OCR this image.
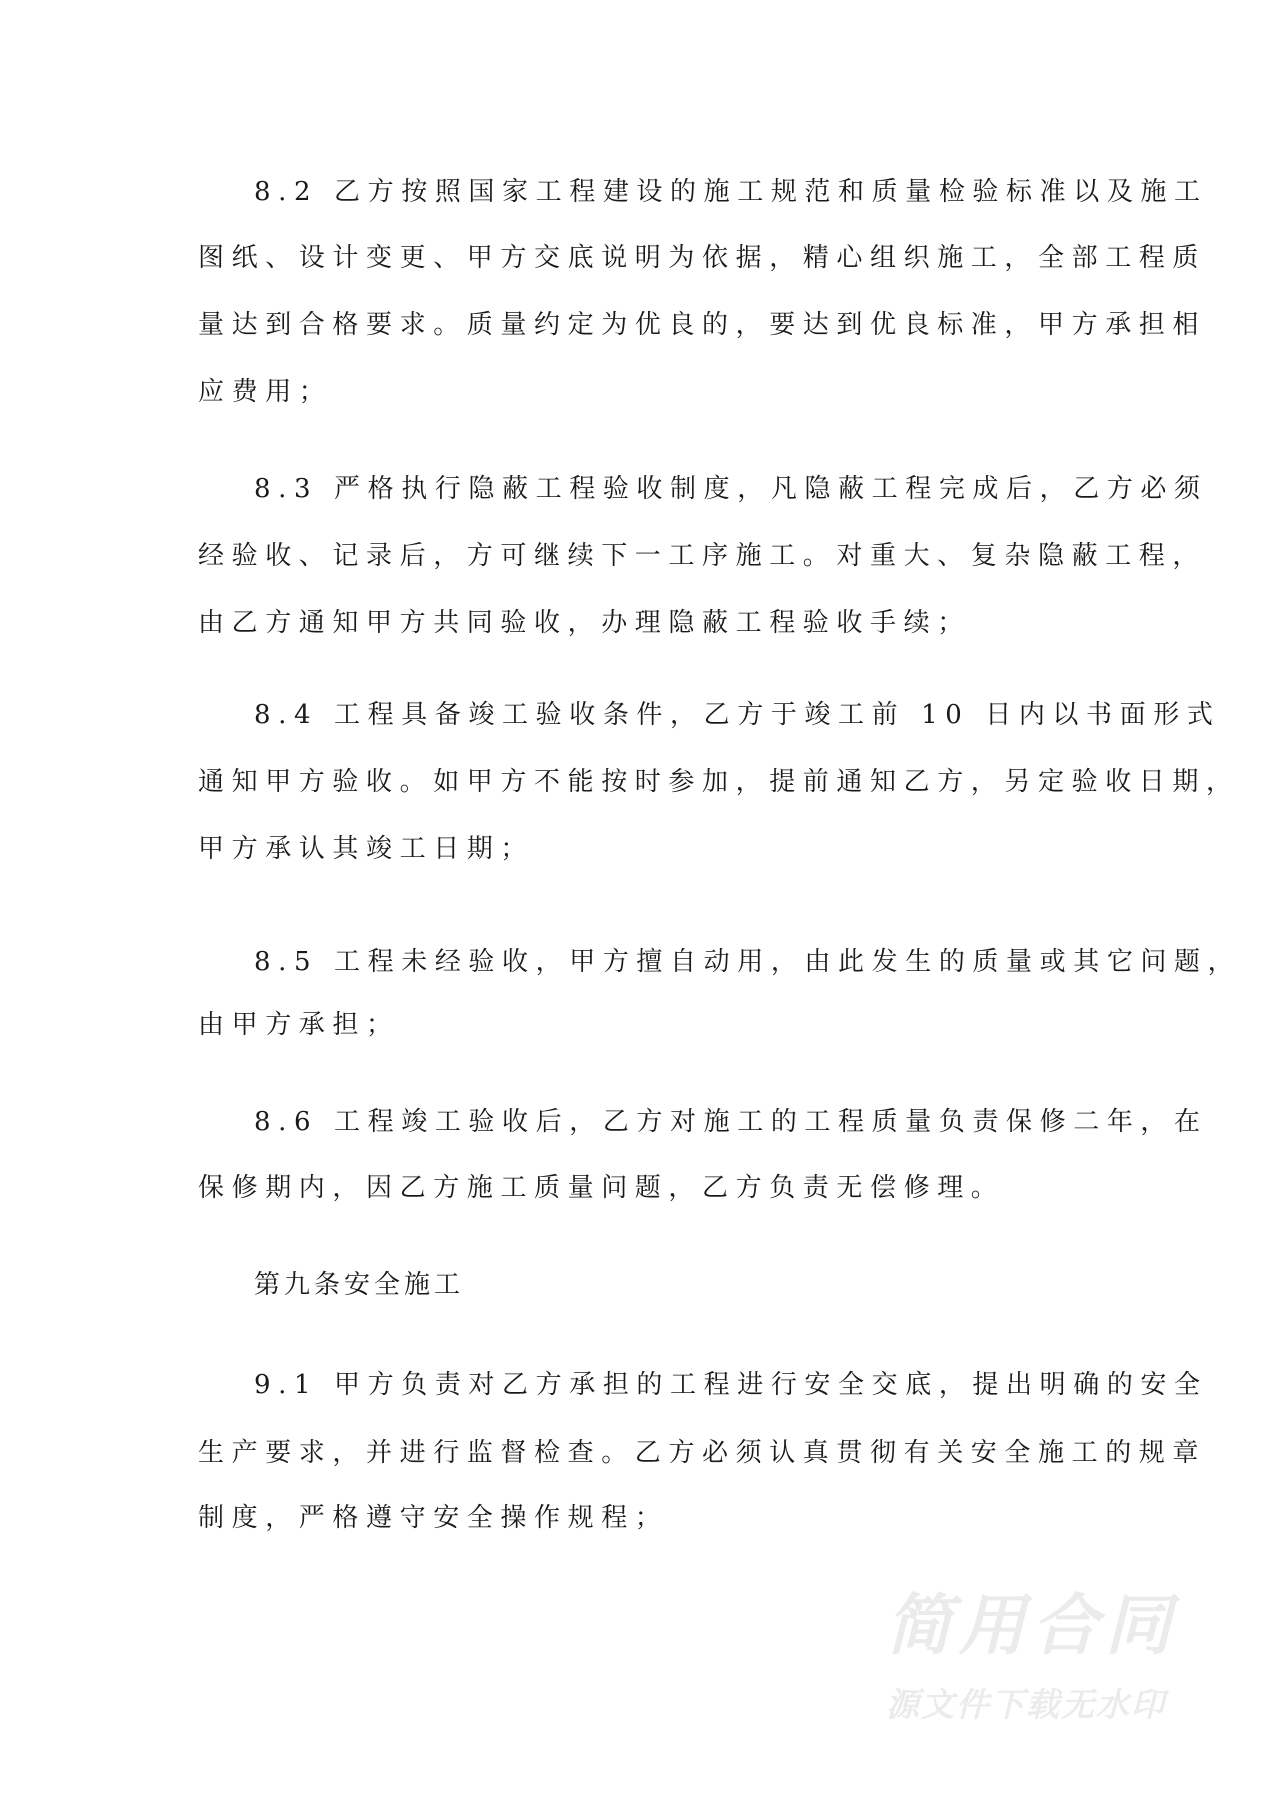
8.2 乙方按照国家工程建设的施工规范和质量检验标准以及施工
图纸、设计变更、甲方交底说明为依据，精心组织施工，全部工程质
量达到合格要求。质量约定为优良的，要达到优良标准，甲方承担相
应费用；
8.3 严格执行隐蔽工程验收制度，凡隐蔽工程完成后，乙方必须
经验收、记录后，方可继续下一工序施工。对重大、复杂隐蔽工程，
由乙方通知甲方共同验收，办理隐蔽工程验收手续；
8.4 工程具备竣工验收条件，乙方于竣工前 10 日内以书面形式
通知甲方验收。如甲方不能按时参加，提前通知乙方，另定验收日期，
甲方承认其竣工日期；
8.5 工程未经验收，甲方擅自动用，由此发生的质量或其它问题，
由甲方承担；
8.6 工程竣工验收后，乙方对施工的工程质量负责保修二年，在
保修期内，因乙方施工质量问题，乙方负责无偿修理。
第九条安全施工
9.1 甲方负责对乙方承担的工程进行安全交底，提出明确的安全
生产要求，并进行监督检查。乙方必须认真贯彻有关安全施工的规章
制度，严格遵守安全操作规程；
简用合同
源文件下载无水印
